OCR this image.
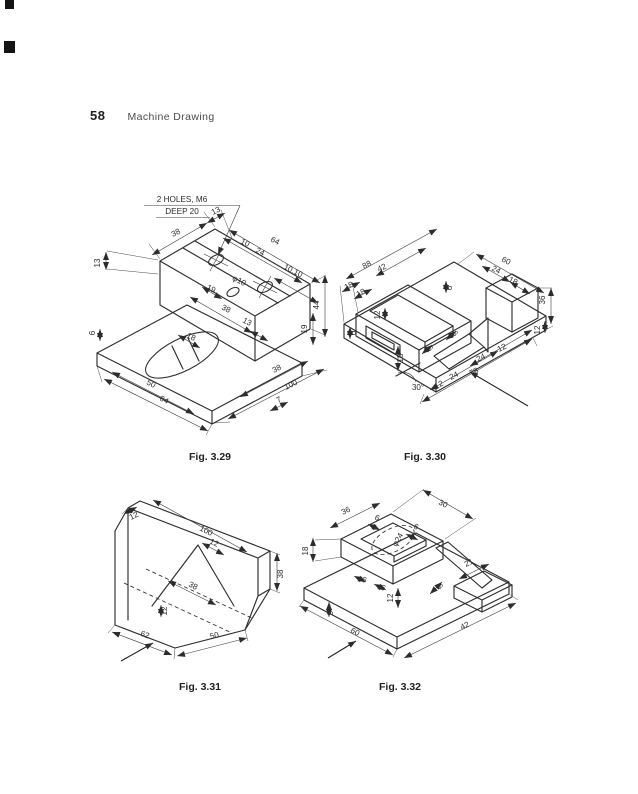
58 Machine Drawing
2 HOLES, M6
DEEP 20
38
13
10
24
64
10,10
13
44
19
φ10
19
38
13
18
6
50
64
38
100
7
88 42
18
18
60
24
18
36
12
12
24 78
24
12
30°
18
12
6
6
6
6
12
100
12
38
38
12
62	50
36
30
18
6
6
φ24
21
6
6
6
12
9
60	42
Fig. 3.29	Fig. 3.30
Fig. 3.31	Fig. 3.32
